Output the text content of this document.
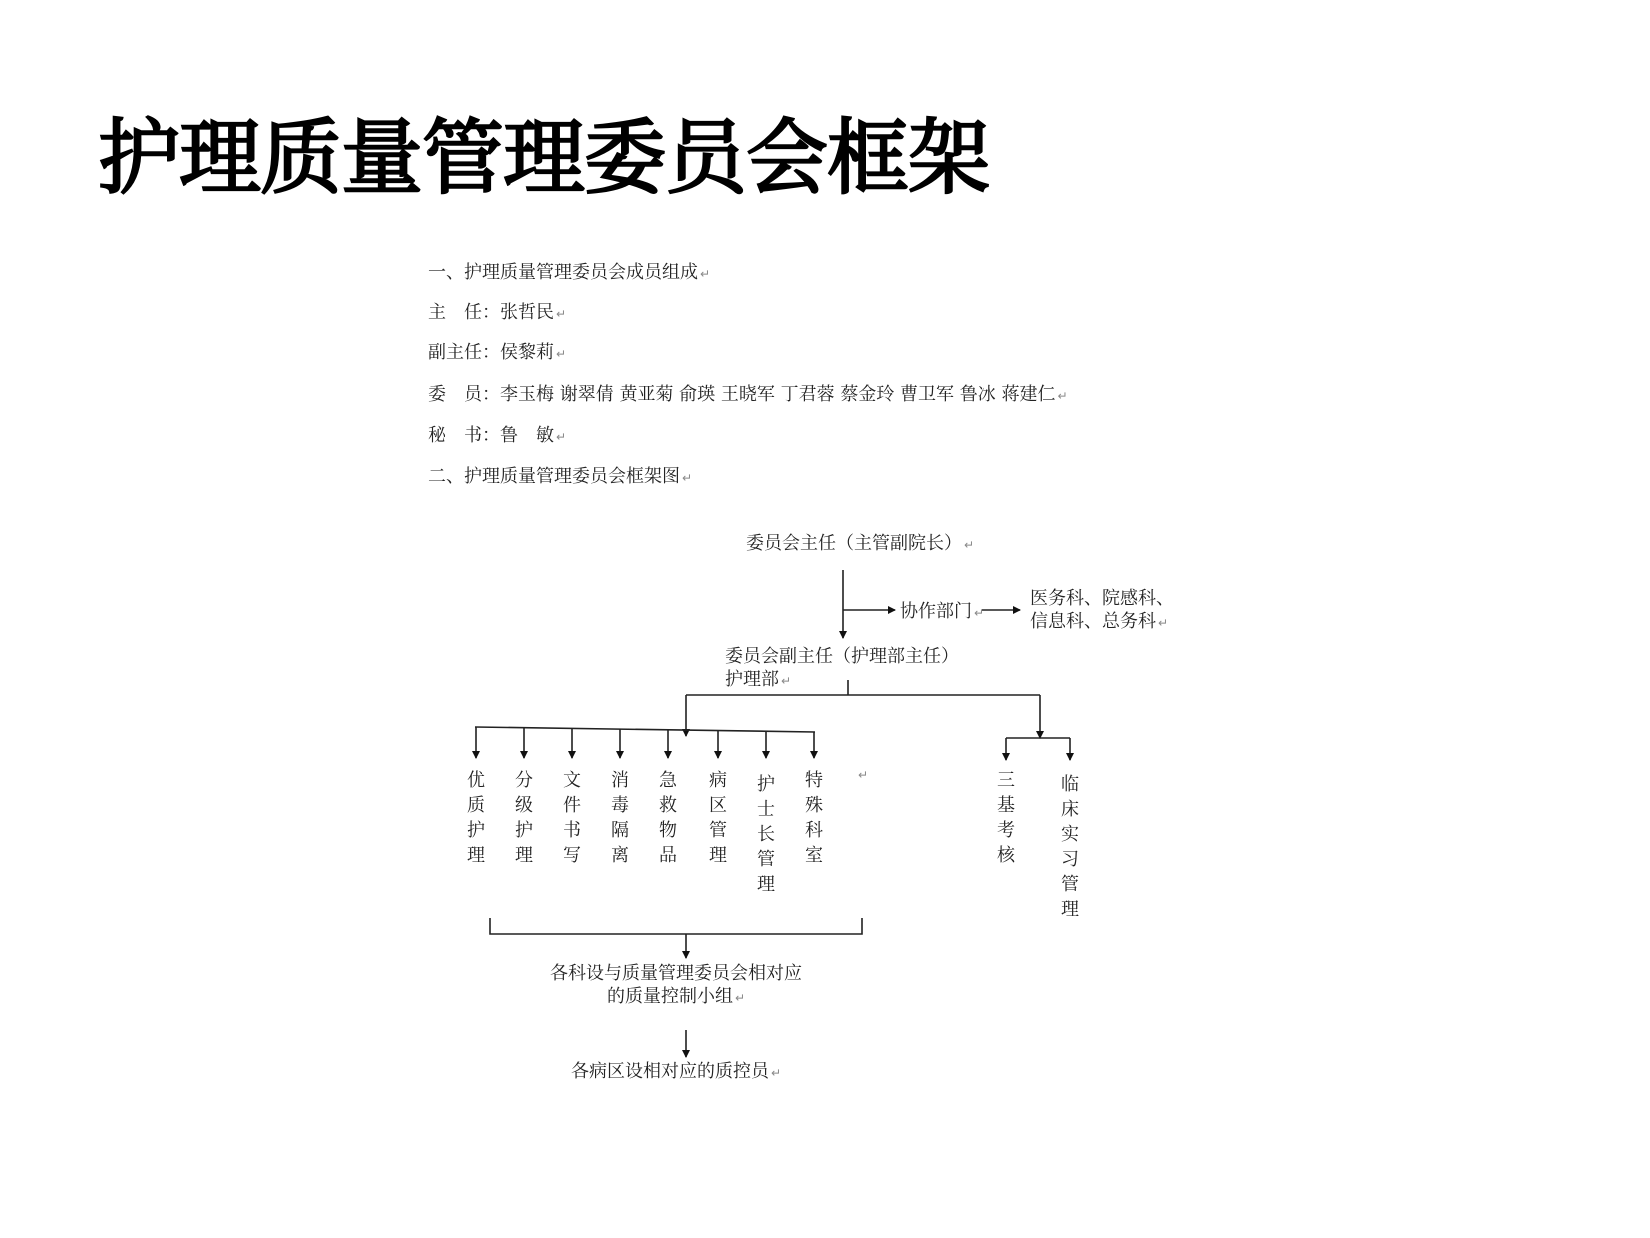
护理质量管理委员会框架
一、护理质量管理委员会成员组成 ↵
主　任：张哲民 ↵
副主任：侯黎莉 ↵
委　员：李玉梅 谢翠倩 黄亚菊 俞瑛 王晓军 丁君蓉 蔡金玲 曹卫军 鲁冰 蒋建仁 ↵
秘　书：鲁　敏 ↵
二、护理质量管理委员会框架图 ↵
委员会主任（主管副院长） ↵
协作部门 ↵
医务科、院感科、
信息科、总务科 ↵
委员会副主任（护理部主任）
护理部 ↵
优质护理
分级护理
文件书写
消毒隔离
急救物品
病区管理
护士长管理
特殊科室
↵	三基考核
临床实习管理
各科设与质量管理委员会相对应
的质量控制小组 ↵
各病区设相对应的质控员 ↵
